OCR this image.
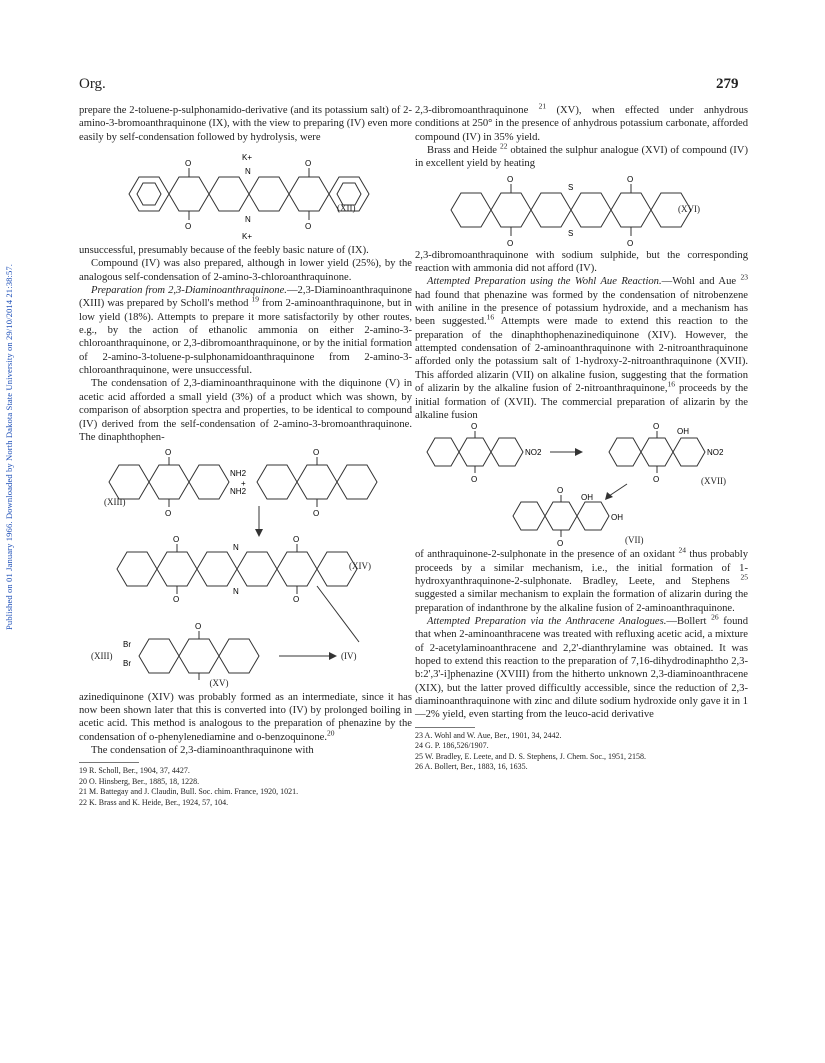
Published on 01 January 1966. Downloaded by North Dakota State University on 29/10/2014 21:38:57.
Org.	279

prepare the 2-toluene-p-sulphonamido-derivative (and its potassium salt) of 2-amino-3-bromoanthraquinone (IX), with the view to preparing (IV) even more easily by self-condensation followed by hydrolysis, were

O
O
O
O
N
N
K+
K+
(XII)

unsuccessful, presumably because of the feebly basic nature of (IX).

Compound (IV) was also prepared, although in lower yield (25%), by the analogous self-condensation of 2-amino-3-chloroanthraquinone.

Preparation from 2,3-Diaminoanthraquinone.—2,3-Diaminoanthraquinone (XIII) was prepared by Scholl's method $^{19}$ from 2-aminoanthraquinone, but in low yield (18%). Attempts to prepare it more satisfactorily by other routes, e.g., by the action of ethanolic ammonia on either 2-amino-3-chloroanthraquinone, or 2,3-dibromoanthraquinone, or by the initial formation of 2-amino-3-toluene-p-sulphonamidoanthraquinone from 2-amino-3-chloroanthraquinone, were unsuccessful.

The condensation of 2,3-diaminoanthraquinone with the diquinone (V) in acetic acid afforded a small yield (3%) of a product which was shown, by comparison of absorption spectra and properties, to be identical to compound (IV) derived from the self-condensation of 2-amino-3-bromoanthraquinone. The dinaphthophen-

O
O
O
O
NH2
NH2
+
O
O
O
O
N
N
Br
Br
O
(XIII)
(XIV)
(XIII)	(IV)
(XV)

azinediquinone (XIV) was probably formed as an intermediate, since it has now been shown later that this is converted into (IV) by prolonged boiling in acetic acid. This method is analogous to the preparation of phenazine by the condensation of o-phenylenediamine and o-benzoquinone.$^{20}$

The condensation of 2,3-diaminoanthraquinone with

19 R. Scholl, Ber., 1904, 37, 4427.

20 O. Hinsberg, Ber., 1885, 18, 1228.

21 M. Battegay and J. Claudin, Bull. Soc. chim. France, 1920, 1021.

22 K. Brass and K. Heide, Ber., 1924, 57, 104.

2,3-dibromoanthraquinone $^{21}$ (XV), when effected under anhydrous conditions at 250° in the presence of anhydrous potassium carbonate, afforded compound (IV) in 35% yield.

Brass and Heide $^{22}$ obtained the sulphur analogue (XVI) of compound (IV) in excellent yield by heating

O
O
O
O
S
S
(XVI)

2,3-dibromoanthraquinone with sodium sulphide, but the corresponding reaction with ammonia did not afford (IV).

Attempted Preparation using the Wohl Aue Reaction.—Wohl and Aue $^{23}$ had found that phenazine was formed by the condensation of nitrobenzene with aniline in the presence of potassium hydroxide, and a mechanism has been suggested.$^{16}$ Attempts were made to extend this reaction to the preparation of the dinaphthophenazinediquinone (XIV). However, the attempted condensation of 2-aminoanthraquinone with 2-nitroanthraquinone afforded only the potassium salt of 1-hydroxy-2-nitroanthraquinone (XVII). This afforded alizarin (VII) on alkaline fusion, suggesting that the formation of alizarin by the alkaline fusion of 2-nitroanthraquinone,$^{16}$ proceeds by the initial formation of (XVII). The commercial preparation of alizarin by the alkaline fusion

O
O
NO2
O
O
OH
NO2
O
O
OH
OH
(XVII)
(VII)

of anthraquinone-2-sulphonate in the presence of an oxidant $^{24}$ thus probably proceeds by a similar mechanism, i.e., the initial formation of 1-hydroxyanthraquinone-2-sulphonate. Bradley, Leete, and Stephens $^{25}$ suggested a similar mechanism to explain the formation of alizarin during the preparation of indanthrone by the alkaline fusion of 2-aminoanthraquinone.

Attempted Preparation via the Anthracene Analogues.—Bollert $^{26}$ found that when 2-aminoanthracene was treated with refluxing acetic acid, a mixture of 2-acetylaminoanthracene and 2,2'-dianthrylamine was obtained. It was hoped to extend this reaction to the preparation of 7,16-dihydrodinaphtho 2,3-b:2',3'-i]phenazine (XVIII) from the hitherto unknown 2,3-diaminoanthracene (XIX), but the latter proved difficultly accessible, since the reduction of 2,3-diaminoanthraquinone with zinc and dilute sodium hydroxide only gave it in 1—2% yield, even starting from the leuco-acid derivative

23 A. Wohl and W. Aue, Ber., 1901, 34, 2442.

24 G. P. 186,526/1907.

25 W. Bradley, E. Leete, and D. S. Stephens, J. Chem. Soc., 1951, 2158.

26 A. Bollert, Ber., 1883, 16, 1635.
